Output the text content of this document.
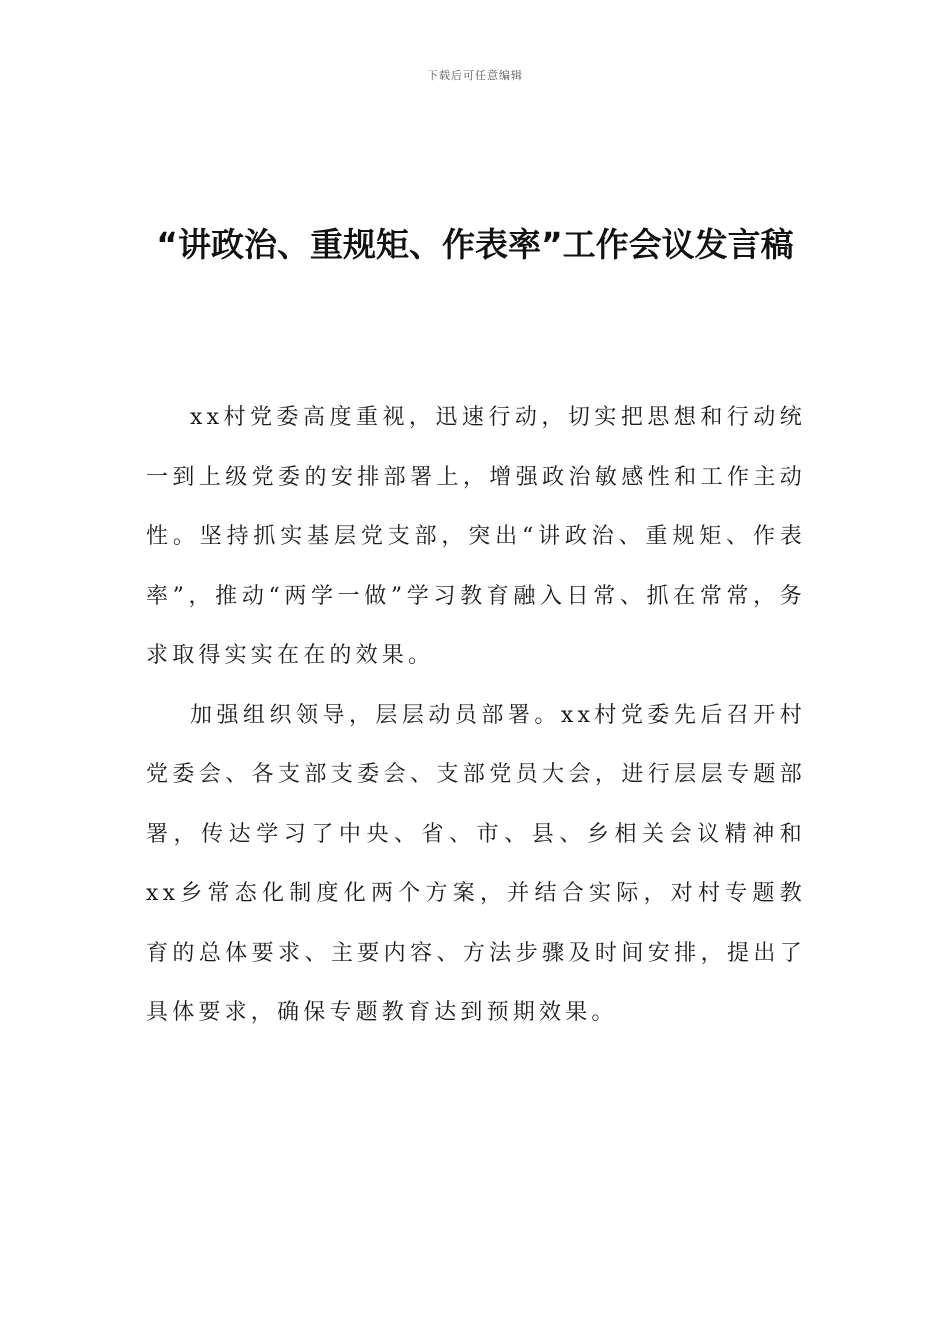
下载后可任意编辑
“讲政治、重规矩、作表率”工作会议发言稿

xx村党委高度重视，迅速行动，切实把思想和行动统一到上级党委的安排部署上，增强政治敏感性和工作主动性。坚持抓实基层党支部，突出“讲政治、重规矩、作表率”，推动“两学一做”学习教育融入日常、抓在常常，务求取得实实在在的效果。

加强组织领导，层层动员部署。xx村党委先后召开村党委会、各支部支委会、支部党员大会，进行层层专题部署，传达学习了中央、省、市、县、乡相关会议精神和xx乡常态化制度化两个方案，并结合实际，对村专题教育的总体要求、主要内容、方法步骤及时间安排，提出了具体要求，确保专题教育达到预期效果。
